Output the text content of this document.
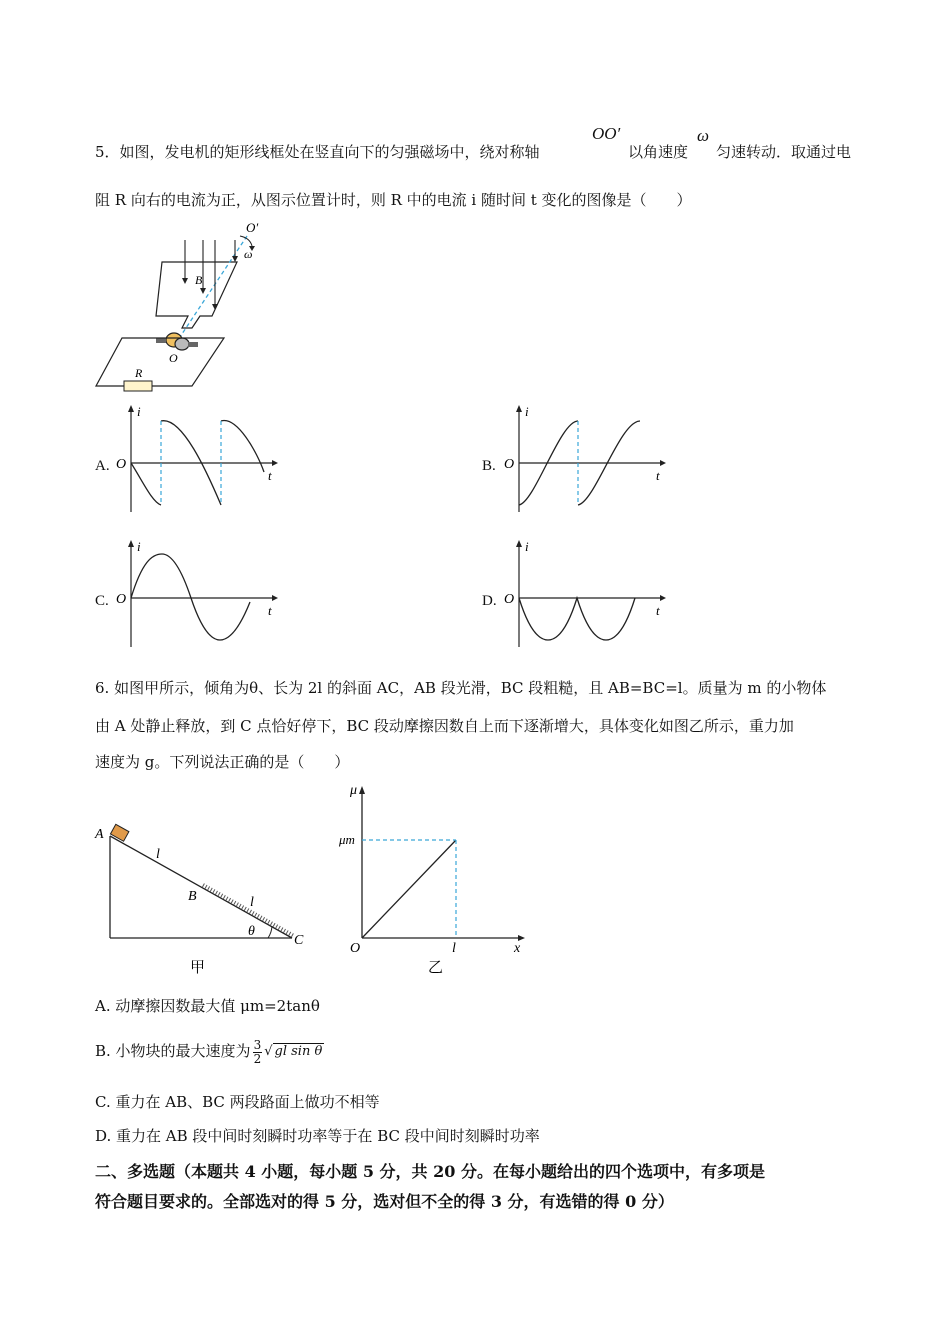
5．如图，发电机的矩形线框处在竖直向下的匀强磁场中，绕对称轴
OO′
以角速度
ω
匀速转动．取通过电
阻 R 向右的电流为正，从图示位置计时，则 R 中的电流 i 随时间 t 变化的图像是（　　）
O′
ω
B
O
R
A.
i
O
t
B.
i
O
t
C.
i
O
t
D.
i
O
t
6. 如图甲所示，倾角为θ、长为 2l 的斜面 AC，AB 段光滑，BC 段粗糙，且 AB=BC=l。质量为 m 的小物体
由 A 处静止释放，到 C 点恰好停下，BC 段动摩擦因数自上而下逐渐增大，具体变化如图乙所示，重力加
速度为 g。下列说法正确的是（　　）
A
B
C
l
l
θ
甲
μ
μm
O	l	x
乙
A. 动摩擦因数最大值 μm=2tanθ
B. 小物块的最大速度为 $\frac{3}{2}$ √ gl sin θ
C. 重力在 AB、BC 两段路面上做功不相等
D. 重力在 AB 段中间时刻瞬时功率等于在 BC 段中间时刻瞬时功率
二、多选题（本题共 4 小题，每小题 5 分，共 20 分。在每小题给出的四个选项中，有多项是
符合题目要求的。全部选对的得 5 分，选对但不全的得 3 分，有选错的得 0 分）
